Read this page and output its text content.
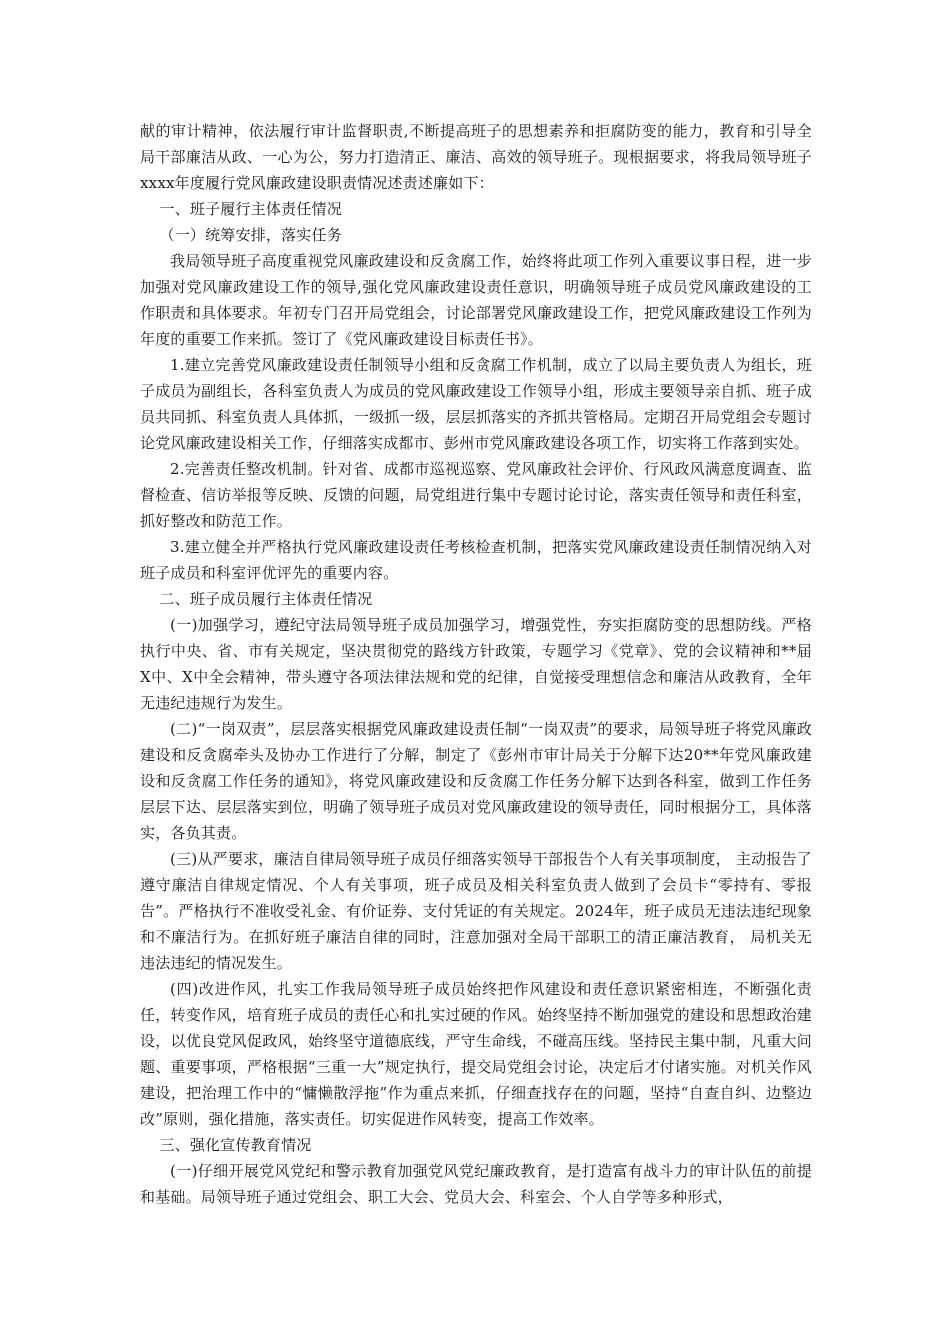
献的审计精神，依法履行审计监督职责,不断提高班子的思想素养和拒腐防变的能力，教育和引导全局干部廉洁从政、一心为公，努力打造清正、廉洁、高效的领导班子。现根据要求，将我局领导班子xxxx年度履行党风廉政建设职责情况述责述廉如下：

一、班子履行主体责任情况

（一）统筹安排，落实任务

我局领导班子高度重视党风廉政建设和反贪腐工作，始终将此项工作列入重要议事日程，进一步加强对党风廉政建设工作的领导,强化党风廉政建设责任意识，明确领导班子成员党风廉政建设的工作职责和具体要求。年初专门召开局党组会，讨论部署党风廉政建设工作，把党风廉政建设工作列为年度的重要工作来抓。签订了《党风廉政建设目标责任书》。

1.建立完善党风廉政建设责任制领导小组和反贪腐工作机制，成立了以局主要负责人为组长，班子成员为副组长，各科室负责人为成员的党风廉政建设工作领导小组，形成主要领导亲自抓、班子成员共同抓、科室负责人具体抓，一级抓一级，层层抓落实的齐抓共管格局。定期召开局党组会专题讨论党风廉政建设相关工作，仔细落实成都市、彭州市党风廉政建设各项工作，切实将工作落到实处。

2.完善责任整改机制。针对省、成都市巡视巡察、党风廉政社会评价、行风政风满意度调查、监督检查、信访举报等反映、反馈的问题，局党组进行集中专题讨论讨论，落实责任领导和责任科室，抓好整改和防范工作。

3.建立健全并严格执行党风廉政建设责任考核检查机制，把落实党风廉政建设责任制情况纳入对班子成员和科室评优评先的重要内容。

二、班子成员履行主体责任情况

(一)加强学习，遵纪守法局领导班子成员加强学习，增强党性，夯实拒腐防变的思想防线。严格执行中央、省、市有关规定，坚决贯彻党的路线方针政策，专题学习《党章》、党的会议精神和**届X中、X中全会精神，带头遵守各项法律法规和党的纪律，自觉接受理想信念和廉洁从政教育，全年无违纪违规行为发生。

(二)“一岗双责”，层层落实根据党风廉政建设责任制“一岗双责”的要求，局领导班子将党风廉政建设和反贪腐牵头及协办工作进行了分解，制定了《彭州市审计局关于分解下达20**年党风廉政建设和反贪腐工作任务的通知》，将党风廉政建设和反贪腐工作任务分解下达到各科室，做到工作任务层层下达、层层落实到位，明确了领导班子成员对党风廉政建设的领导责任，同时根据分工，具体落实，各负其责。

(三)从严要求，廉洁自律局领导班子成员仔细落实领导干部报告个人有关事项制度， 主动报告了遵守廉洁自律规定情况、个人有关事项，班子成员及相关科室负责人做到了会员卡“零持有、零报告”。严格执行不准收受礼金、有价证券、支付凭证的有关规定。2024年，班子成员无违法违纪现象和不廉洁行为。在抓好班子廉洁自律的同时，注意加强对全局干部职工的清正廉洁教育， 局机关无违法违纪的情况发生。

(四)改进作风，扎实工作我局领导班子成员始终把作风建设和责任意识紧密相连，不断强化责任，转变作风，培育班子成员的责任心和扎实过硬的作风。始终坚持不断加强党的建设和思想政治建设，以优良党风促政风，始终坚守道德底线，严守生命线，不碰高压线。坚持民主集中制，凡重大问题、重要事项，严格根据“三重一大”规定执行，提交局党组会讨论，决定后才付诸实施。对机关作风建设，把治理工作中的“慵懒散浮拖”作为重点来抓，仔细查找存在的问题，坚持“自查自纠、边整边改”原则，强化措施，落实责任。切实促进作风转变，提高工作效率。

三、强化宣传教育情况

(一)仔细开展党风党纪和警示教育加强党风党纪廉政教育，是打造富有战斗力的审计队伍的前提和基础。局领导班子通过党组会、职工大会、党员大会、科室会、个人自学等多种形式，
